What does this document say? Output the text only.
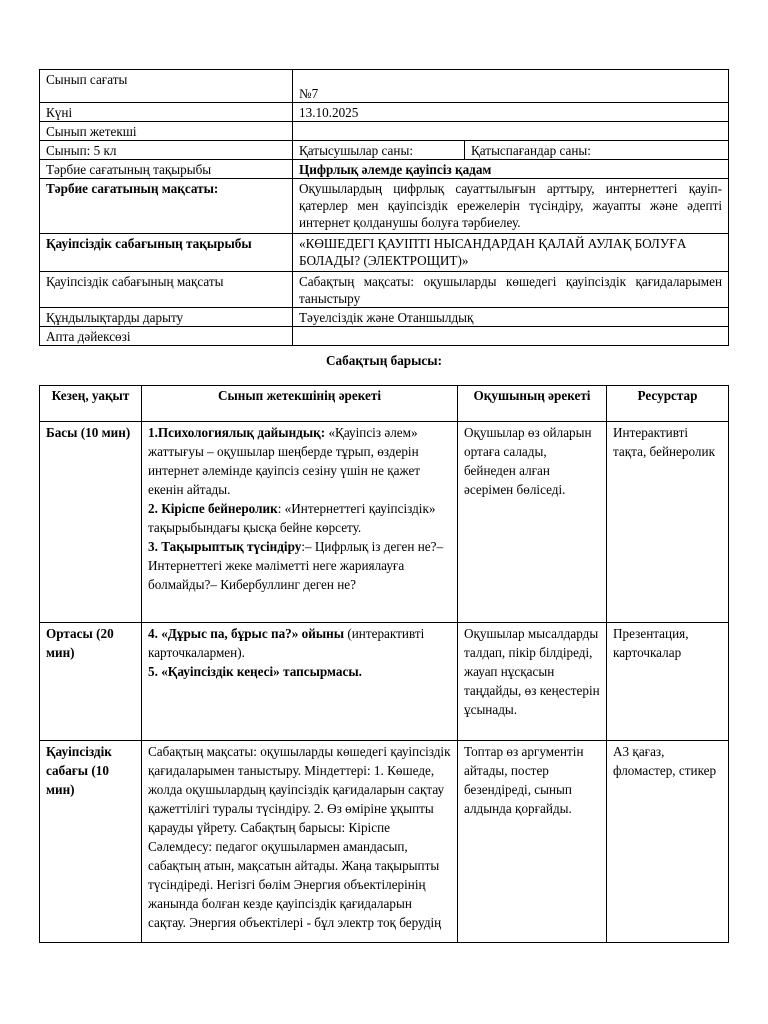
Сынып сағаты	№7	
Күні	13.10.2025	
Сынып жетекші		
Сынып: 5 кл	Қатысушылар саны:	Қатыспағандар саны:
Тәрбие сағатының тақырыбы	Цифрлық әлемде қауіпсіз қадам	
Тәрбие сағатының мақсаты:	Оқушылардың цифрлық сауаттылығын арттыру, интернеттегі қауіп-қатерлер мен қауіпсіздік ережелерін түсіндіру, жауапты және әдепті интернет қолданушы болуға тәрбиелеу.	
Қауіпсіздік сабағының тақырыбы	«КӨШЕДЕГІ ҚАУІПТІ НЫСАНДАРДАН ҚАЛАЙ АУЛАҚ БОЛУҒА БОЛАДЫ? (ЭЛЕКТРОЩИТ)»	
Қауіпсіздік сабағының мақсаты	Сабақтың мақсаты: оқушыларды көшедегі қауіпсіздік қағидаларымен таныстыру	
Құндылықтарды дарыту	Тәуелсіздік және Отаншылдық	
Апта дәйексөзі		
Сабақтың барысы:
Кезең, уақыт	Сынып жетекшінің әрекеті	Оқушының әрекеті	Ресурстар
Басы (10 мин)	1.Психологиялық дайындық: «Қауіпсіз әлем» жаттығуы – оқушылар шеңберде тұрып, өздерін интернет әлемінде қауіпсіз сезіну үшін не қажет екенін айтады.

2. Кіріспе бейнеролик: «Интернеттегі қауіпсіздік» тақырыбындағы қысқа бейне көрсету.

3. Тақырыптық түсіндіру:– Цифрлық із деген не?– Интернеттегі жеке мәліметті неге жариялауға болмайды?– Кибербуллинг деген не?	Оқушылар өз ойларын ортаға салады, бейнеден алған әсерімен бөліседі.	Интерактивті тақта, бейнеролик
Ортасы (20 мин)	4. «Дұрыс па, бұрыс па?» ойыны (интерактивті карточкалармен).

5. «Қауіпсіздік кеңесі» тапсырмасы.	Оқушылар мысалдарды талдап, пікір білдіреді, жауап нұсқасын таңдайды, өз кеңестерін ұсынады.	Презентация, карточкалар
Қауіпсіздік сабағы (10 мин)	Сабақтың мақсаты: оқушыларды көшедегі қауіпсіздік қағидаларымен таныстыру. Міндеттері: 1. Көшеде, жолда оқушылардың қауіпсіздік қағидаларын сақтау қажеттілігі туралы түсіндіру. 2. Өз өміріне ұқыпты қарауды үйрету. Сабақтың барысы: Кіріспе Сәлемдесу: педагог оқушылармен амандасып, сабақтың атын, мақсатын айтады. Жаңа тақырыпты түсіндіреді. Негізгі бөлім Энергия объектілерінің жанында болған кезде қауіпсіздік қағидаларын сақтау. Энергия объектілері - бұл электр тоқ берудің	Топтар өз аргументін айтады, постер безендіреді, сынып алдында қорғайды.	А3 қағаз, фломастер, стикер
